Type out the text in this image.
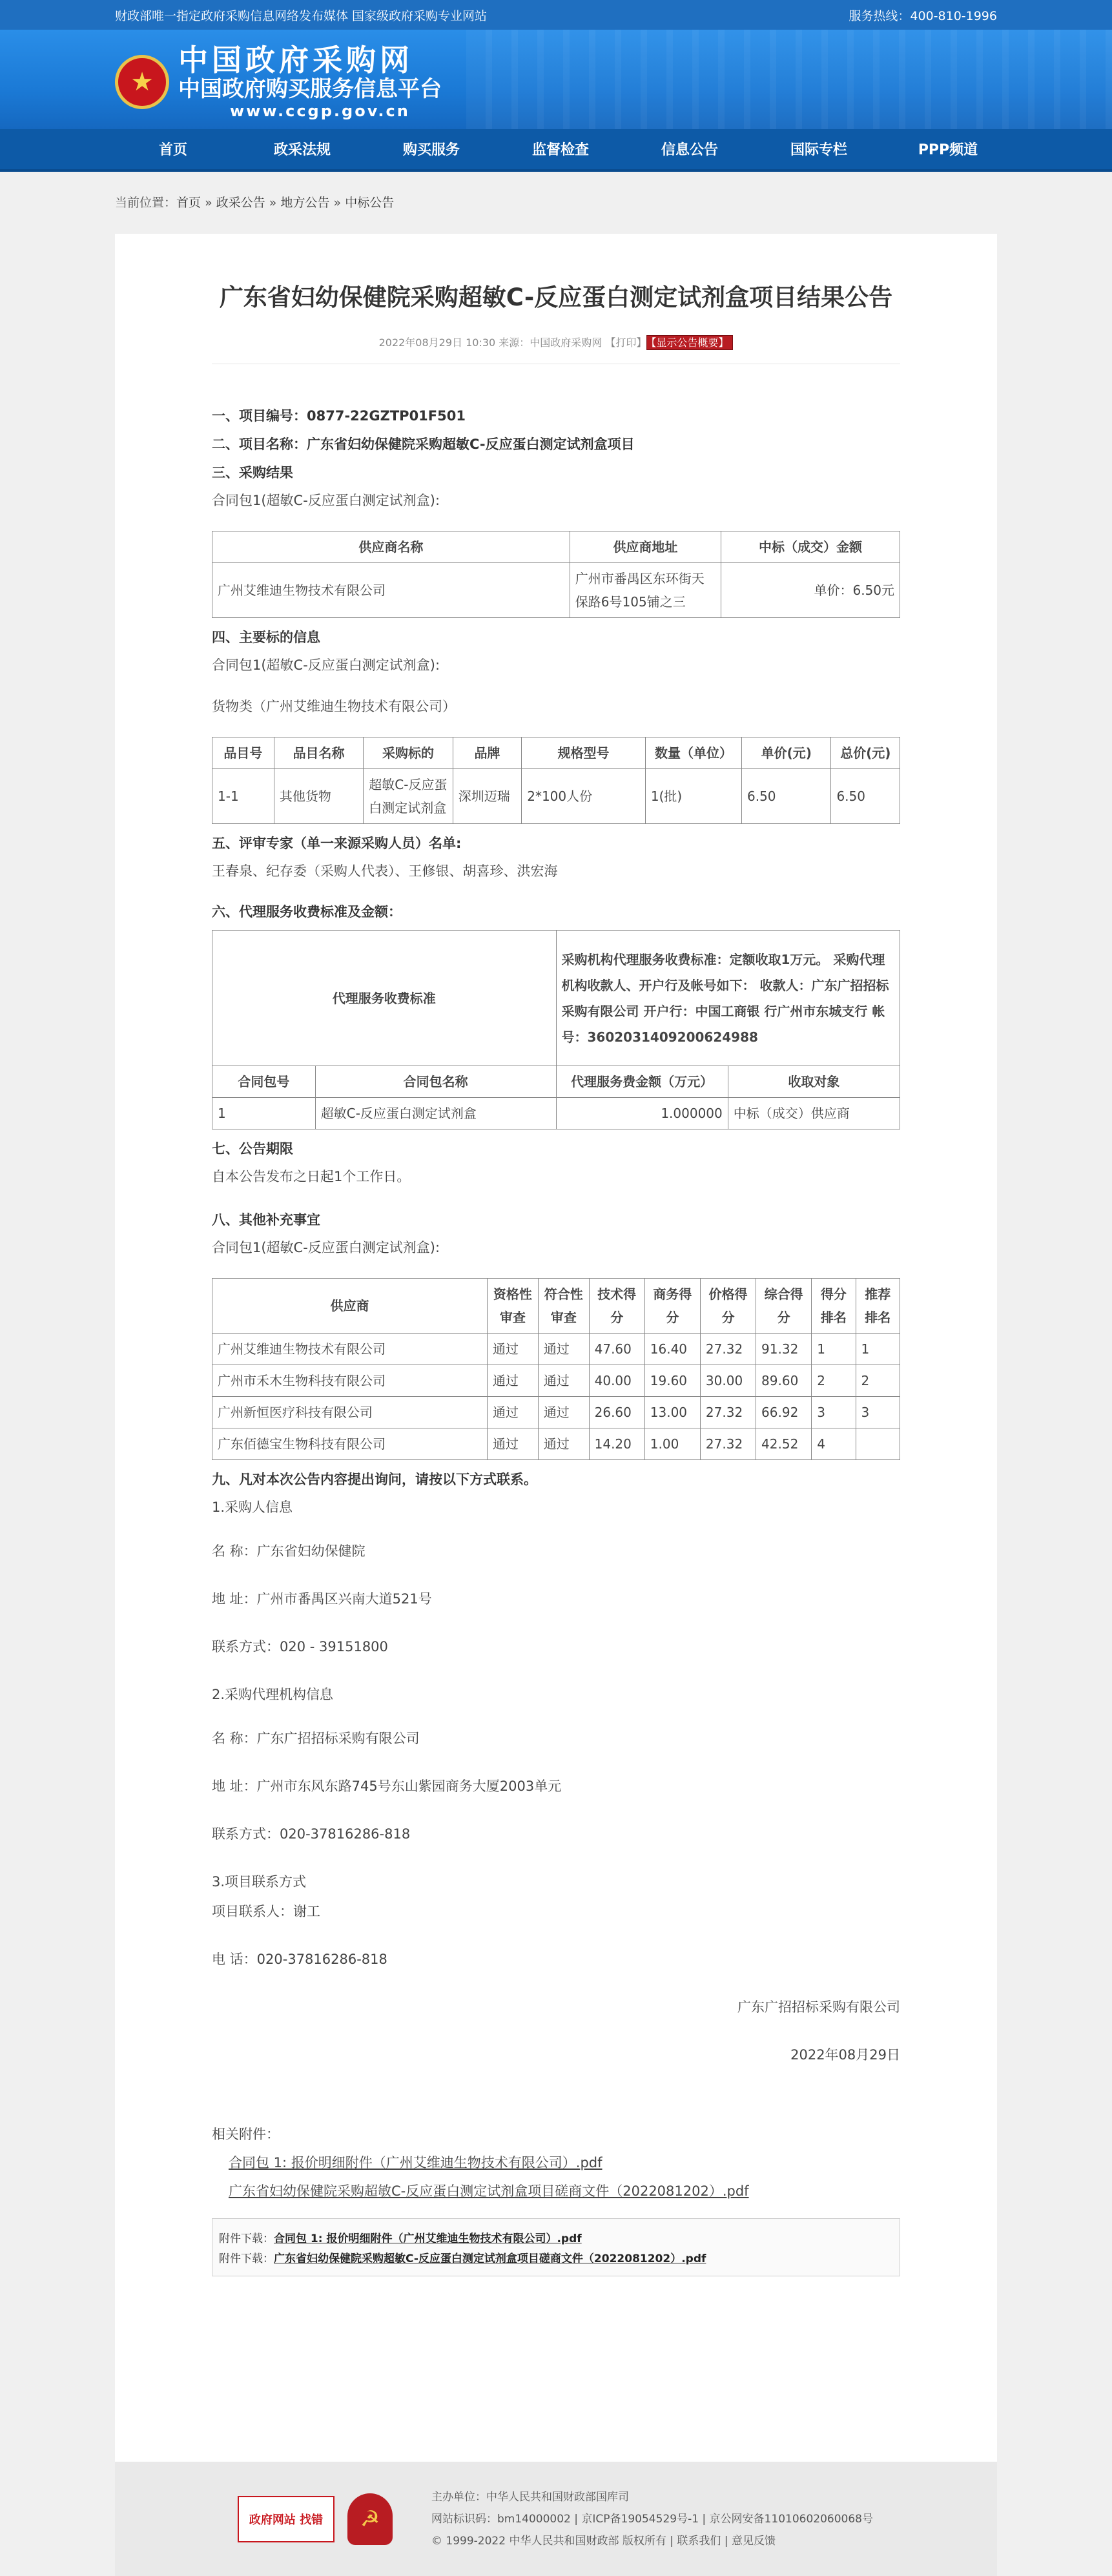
财政部唯一指定政府采购信息网络发布媒体 国家级政府采购专业网站	服务热线：400-810-1996
★
中国政府采购网
中国政府购买服务信息平台
www.ccgp.gov.cn
首页	政采法规	购买服务	监督检查	信息公告	国际专栏	PPP频道
当前位置：首页 » 政采公告 » 地方公告 » 中标公告
广东省妇幼保健院采购超敏C-反应蛋白测定试剂盒项目结果公告
2022年08月29日 10:30 来源：中国政府采购网 【打印】 【显示公告概要】
一、项目编号：0877-22GZTP01F501
二、项目名称：广东省妇幼保健院采购超敏C-反应蛋白测定试剂盒项目
三、采购结果
合同包1(超敏C-反应蛋白测定试剂盒):
供应商名称	供应商地址	中标（成交）金额
广州艾维迪生物技术有限公司	广州市番禺区东环街天保路6号105铺之三	单价：6.50元
四、主要标的信息
合同包1(超敏C-反应蛋白测定试剂盒):
货物类（广州艾维迪生物技术有限公司）
品目号	品目名称	采购标的	品牌	规格型号	数量（单位）	单价(元)	总价(元)
1-1	其他货物	超敏C-反应蛋白测定试剂盒	深圳迈瑞	2*100人份	1(批)	6.50	6.50
五、评审专家（单一来源采购人员）名单:
王春泉、纪存委（采购人代表）、王修银、胡喜珍、洪宏海
六、代理服务收费标准及金额：
代理服务收费标准		采购机构代理服务收费标准：定额收取1万元。 采购代理机构收款人、开户行及帐号如下： 收款人：广东广招招标采购有限公司 开户行：中国工商银 行广州市东城支行 帐 号：3602031409200624988	
合同包号	合同包名称	代理服务费金额（万元）	收取对象
1	超敏C-反应蛋白测定试剂盒	1.000000	中标（成交）供应商
七、公告期限
自本公告发布之日起1个工作日。
八、其他补充事宜
合同包1(超敏C-反应蛋白测定试剂盒):
供应商	资格性审查	符合性审查	技术得分	商务得分	价格得分	综合得分	得分排名	推荐排名
广州艾维迪生物技术有限公司	通过	通过	47.60	16.40	27.32	91.32	1	1
广州市禾木生物科技有限公司	通过	通过	40.00	19.60	30.00	89.60	2	2
广州新恒医疗科技有限公司	通过	通过	26.60	13.00	27.32	66.92	3	3
广东佰德宝生物科技有限公司	通过	通过	14.20	1.00	27.32	42.52	4	
九、凡对本次公告内容提出询问，请按以下方式联系。
1.采购人信息
名 称：广东省妇幼保健院
地 址：广州市番禺区兴南大道521号
联系方式：020 - 39151800
2.采购代理机构信息
名 称：广东广招招标采购有限公司
地 址：广州市东风东路745号东山紫园商务大厦2003单元
联系方式：020-37816286-818
3.项目联系方式
项目联系人：谢工
电 话：020-37816286-818
广东广招招标采购有限公司
2022年08月29日
相关附件：
合同包 1: 报价明细附件（广州艾维迪生物技术有限公司）.pdf
广东省妇幼保健院采购超敏C-反应蛋白测定试剂盒项目磋商文件（2022081202）.pdf
附件下载：合同包 1: 报价明细附件（广州艾维迪生物技术有限公司）.pdf
附件下载：广东省妇幼保健院采购超敏C-反应蛋白测定试剂盒项目磋商文件（2022081202）.pdf
政府网站 找错	☭
主办单位：中华人民共和国财政部国库司
网站标识码：bm14000002 | 京ICP备19054529号-1 | 京公网安备11010602060068号
© 1999-2022 中华人民共和国财政部 版权所有 | 联系我们 | 意见反馈
